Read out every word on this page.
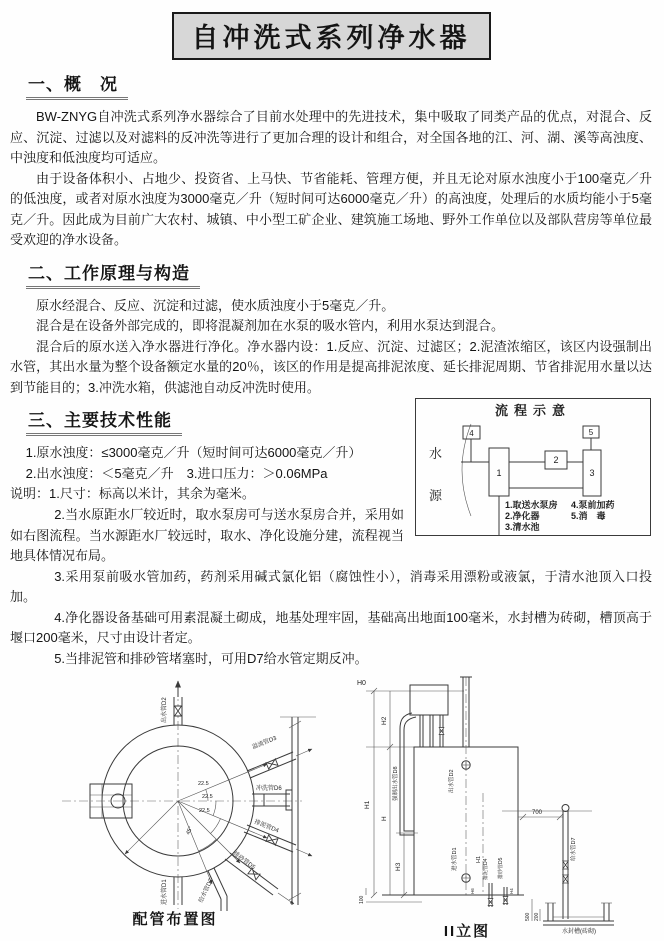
自冲洗式系列净水器
一、概　况

BW-ZNYG自冲洗式系列净水器综合了目前水处理中的先进技术，集中吸取了同类产品的优点，对混合、反应、沉淀、过滤以及对滤料的反冲洗等进行了更加合理的设计和组合，对全国各地的江、河、湖、溪等高浊度、中浊度和低浊度均可适应。

由于设备体积小、占地少、投资省、上马快、节省能耗、管理方便，并且无论对原水浊度小于100毫克／升的低浊度，或者对原水浊度为3000毫克／升（短时间可达6000毫克／升）的高浊度，处理后的水质均能小于5毫克／升。因此成为目前广大农村、城镇、中小型工矿企业、建筑施工场地、野外工作单位以及部队营房等单位最受欢迎的净水设备。

二、工作原理与构造

原水经混合、反应、沉淀和过滤，使水质浊度小于5毫克／升。

混合是在设备外部完成的，即将混凝剂加在水泵的吸水管内，利用水泵达到混合。

混合后的原水送入净水器进行净化。净水器内设：1.反应、沉淀、过滤区；2.泥渣浓缩区，该区内设强制出水管，其出水量为整个设备额定水量的20％，该区的作用是提高排泥浓度、延长排泥周期、节省排泥用水量以达到节能目的；3.冲洗水箱，供滤池自动反冲洗时使用。

流程示意
水
源
4
1
2
5
3
1.取送水泵房
2.净化器
3.清水池
4.泵前加药
5.消　毒
三、主要技术性能

1.原水浊度：≤3000毫克／升（短时间可达6000毫克／升）

2.出水浊度：＜5毫克／升　3.进口压力：＞0.06MPa

说明：1.尺寸：标高以米计，其余为毫米。

2.当水原距水厂较近时，取水泵房可与送水泵房合并，采用如如右图流程。当水源距水厂较远时，取水、净化设施分建，流程视当地具体情况布局。

3.采用泵前吸水管加药，药剂采用碱式氯化铝（腐蚀性小），消毒采用漂粉或液氯，于清水池顶入口投加。

4.净化器设备基础可用素混凝土砌成，地基处理牢固，基础高出地面100毫米，水封槽为砖砌，槽顶高于堰口200毫米，尺寸由设计者定。

5.当排泥管和排砂管堵塞时，可用D7给水管定期反冲。

出水管D2
进水管D1
22.5
22.5
22.5
45°
溢流管D3
冲洗管D6
排泥管D4
排砂管D5
给水管D7
配管布置图
H0
H1
H2
H
H3
100
强制出水管D8	出水管D2
进水管D1	H1 排泥管D4 排砂管D5
H6	H4
700
给水管D7
500 200
水封槽(砖砌)
II立图
